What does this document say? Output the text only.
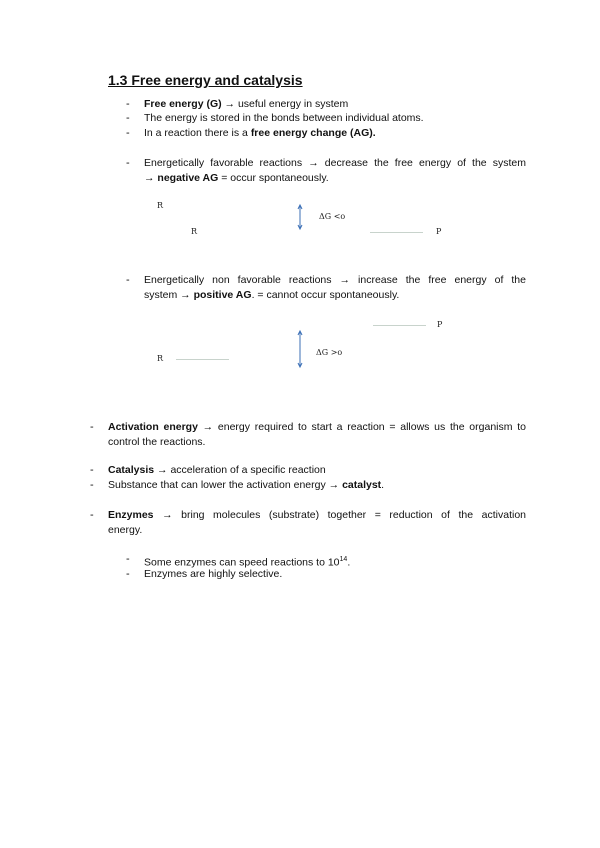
1.3 Free energy and catalysis
- Free energy (G) → useful energy in system
- The energy is stored in the bonds between individual atoms.
- In a reaction there is a free energy change (AG).
- Energetically favorable reactions → decrease the free energy of the system
→ negative AG = occur spontaneously.
R
R
ΔG <o
P
- Energetically non favorable reactions → increase the free energy of the
system → positive AG. = cannot occur spontaneously.
P
ΔG >o
R
- Activation energy → energy required to start a reaction = allows us the organism to
control the reactions.
- Catalysis → acceleration of a specific reaction
- Substance that can lower the activation energy → catalyst.
- Enzymes → bring molecules (substrate) together = reduction of the activation
energy.
- Some enzymes can speed reactions to $10^{14}$.
- Enzymes are highly selective.
